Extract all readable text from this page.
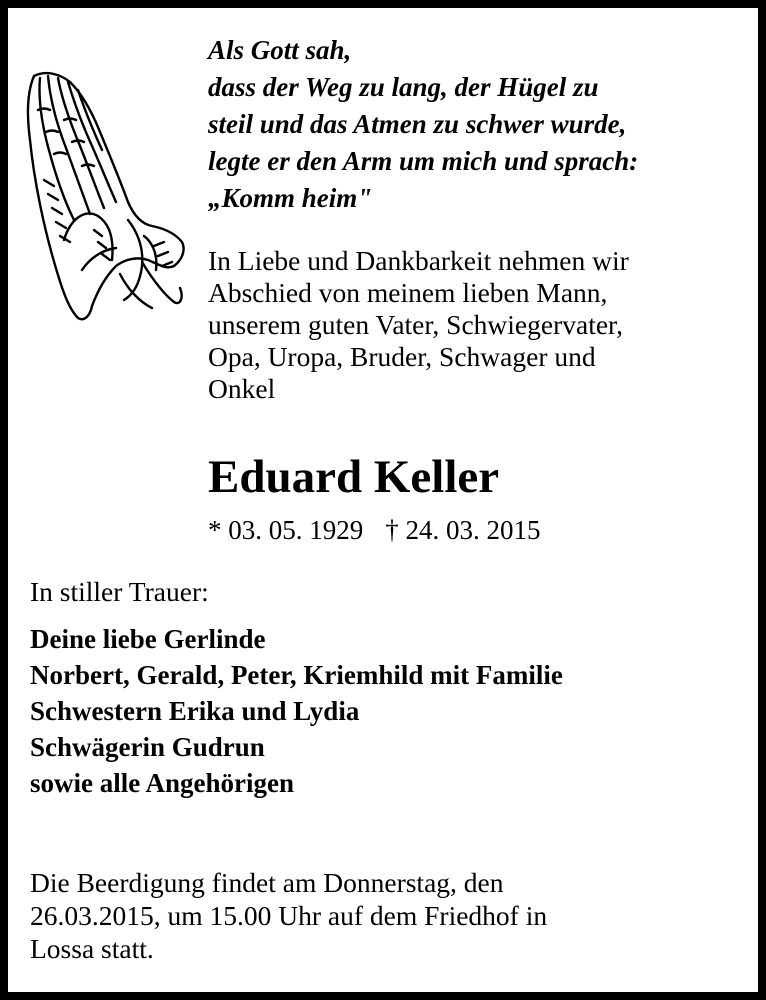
Als Gott sah,
dass der Weg zu lang, der Hügel zu
steil und das Atmen zu schwer wurde,
legte er den Arm um mich und sprach:
„Komm heim"
In Liebe und Dankbarkeit nehmen wir
Abschied von meinem lieben Mann,
unserem guten Vater, Schwiegervater,
Opa, Uropa, Bruder, Schwager und
Onkel
Eduard Keller
* 03. 05. 1929 † 24. 03. 2015
In stiller Trauer:
Deine liebe Gerlinde
Norbert, Gerald, Peter, Kriemhild mit Familie
Schwestern Erika und Lydia
Schwägerin Gudrun
sowie alle Angehörigen
Die Beerdigung findet am Donnerstag, den
26.03.2015, um 15.00 Uhr auf dem Friedhof in
Lossa statt.
